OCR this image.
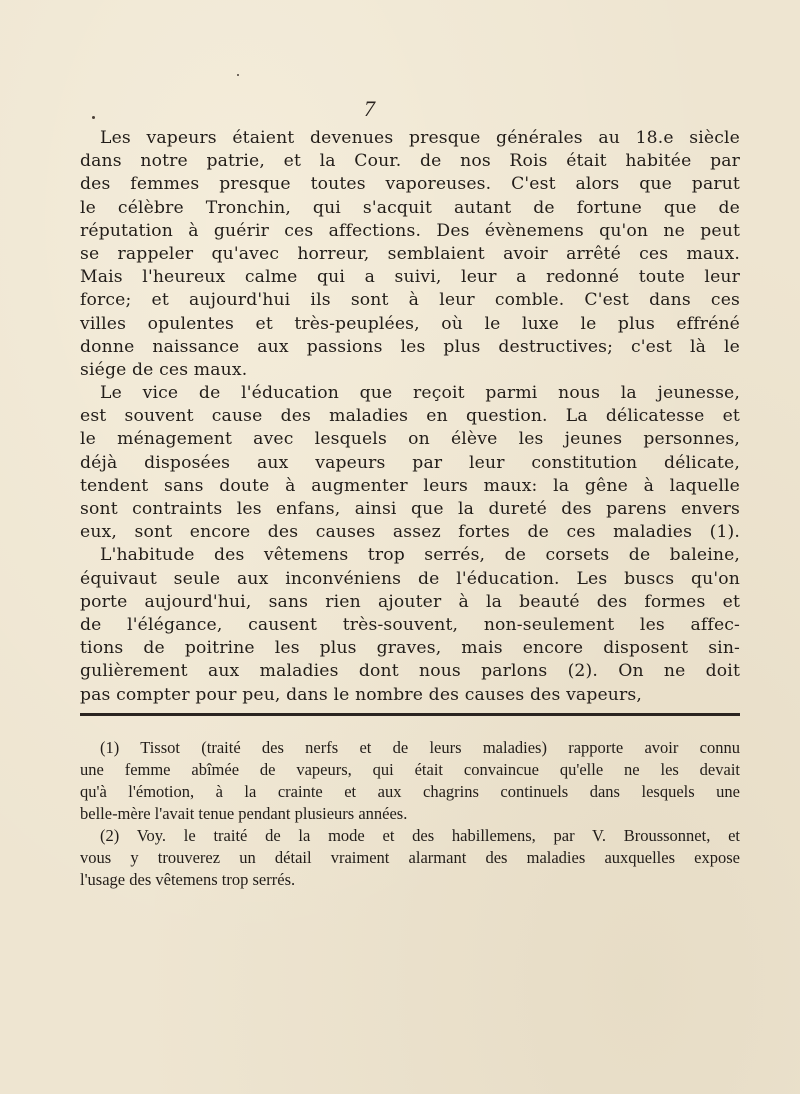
7
Les vapeurs étaient devenues presque générales au 18.e siècle
dans notre patrie, et la Cour. de nos Rois était habitée par
des femmes presque toutes vaporeuses. C'est alors que parut
le célèbre Tronchin, qui s'acquit autant de fortune que de
réputation à guérir ces affections. Des évènemens qu'on ne peut
se rappeler qu'avec horreur, semblaient avoir arrêté ces maux.
Mais l'heureux calme qui a suivi, leur a redonné toute leur
force; et aujourd'hui ils sont à leur comble. C'est dans ces
villes opulentes et très-peuplées, où le luxe le plus effréné
donne naissance aux passions les plus destructives; c'est là le
siége de ces maux.
Le vice de l'éducation que reçoit parmi nous la jeunesse,
est souvent cause des maladies en question. La délicatesse et
le ménagement avec lesquels on élève les jeunes personnes,
déjà disposées aux vapeurs par leur constitution délicate,
tendent sans doute à augmenter leurs maux: la gêne à laquelle
sont contraints les enfans, ainsi que la dureté des parens envers
eux, sont encore des causes assez fortes de ces maladies (1).
L'habitude des vêtemens trop serrés, de corsets de baleine,
équivaut seule aux inconvéniens de l'éducation. Les buscs qu'on
porte aujourd'hui, sans rien ajouter à la beauté des formes et
de l'élégance, causent très-souvent, non-seulement les affec-
tions de poitrine les plus graves, mais encore disposent sin-
gulièrement aux maladies dont nous parlons (2). On ne doit
pas compter pour peu, dans le nombre des causes des vapeurs,
(1) Tissot (traité des nerfs et de leurs maladies) rapporte avoir connu
une femme abîmée de vapeurs, qui était convaincue qu'elle ne les devait
qu'à l'émotion, à la crainte et aux chagrins continuels dans lesquels une
belle-mère l'avait tenue pendant plusieurs années.
(2) Voy. le traité de la mode et des habillemens, par V. Broussonnet, et
vous y trouverez un détail vraiment alarmant des maladies auxquelles expose
l'usage des vêtemens trop serrés.
